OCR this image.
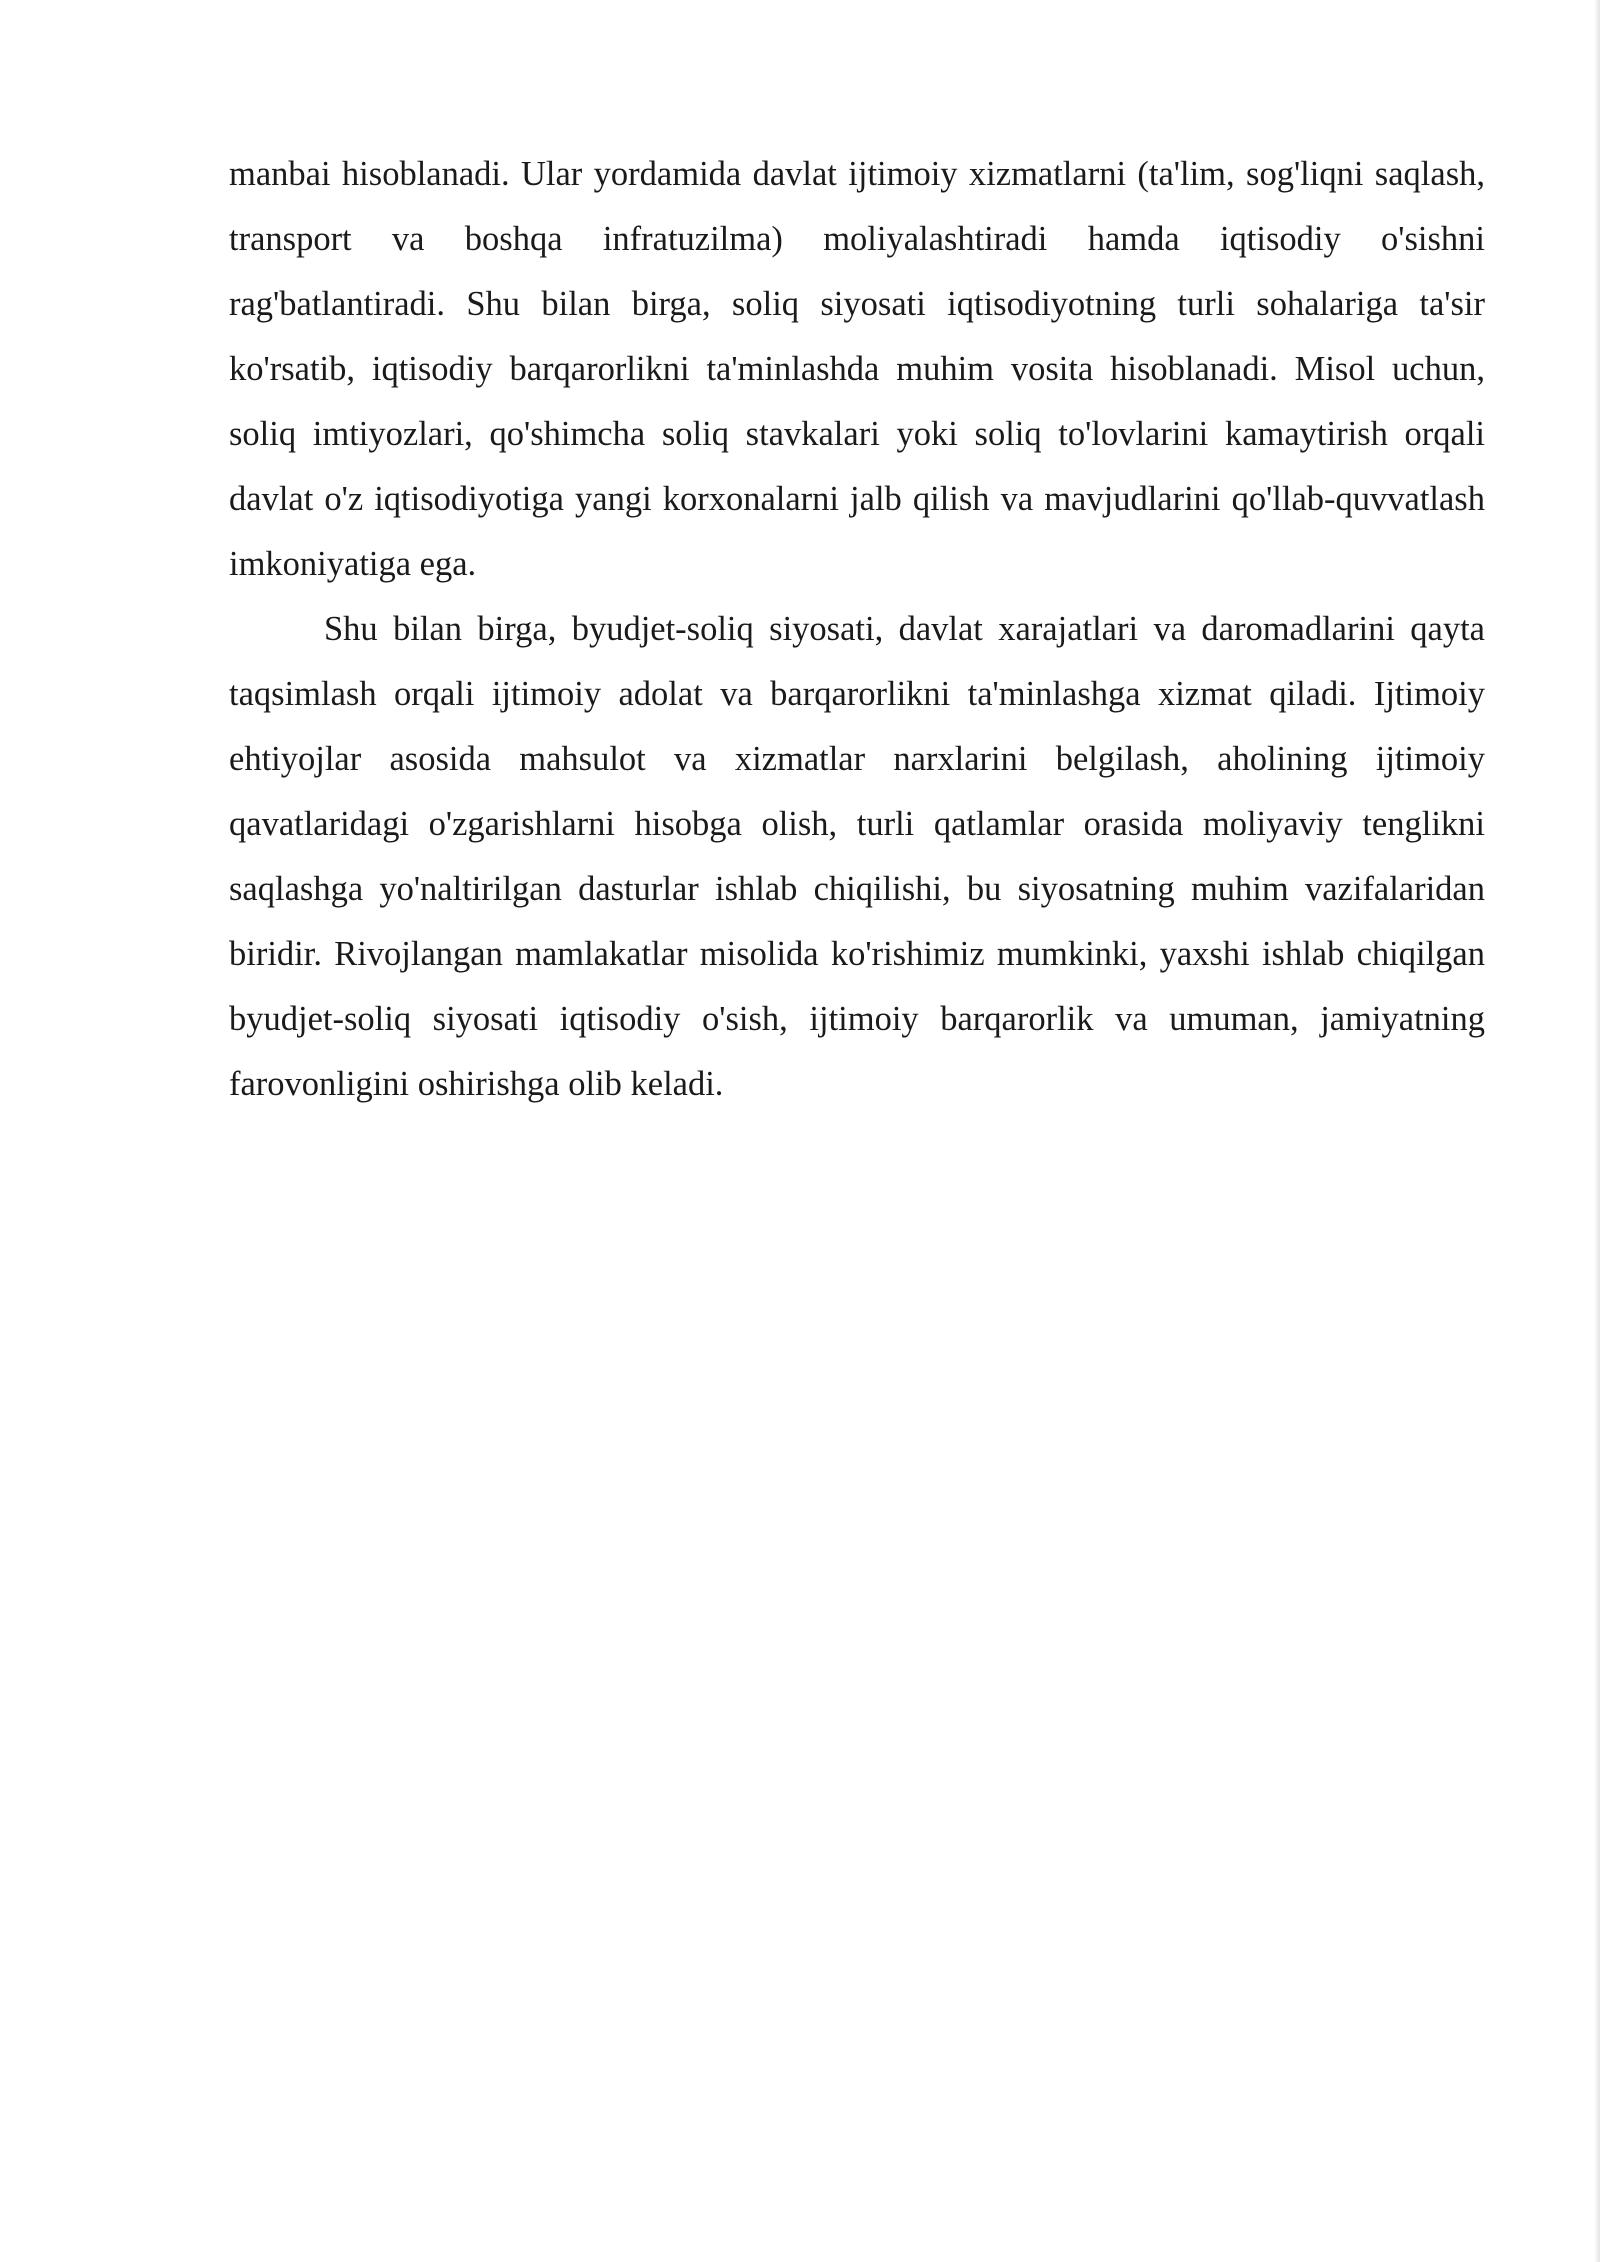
manbai hisoblanadi. Ular yordamida davlat ijtimoiy xizmatlarni (ta'lim, sog'liqni saqlash, transport va boshqa infratuzilma) moliyalashtiradi hamda iqtisodiy o'sishni rag'batlantiradi. Shu bilan birga, soliq siyosati iqtisodiyotning turli sohalariga ta'sir ko'rsatib, iqtisodiy barqarorlikni ta'minlashda muhim vosita hisoblanadi. Misol uchun, soliq imtiyozlari, qo'shimcha soliq stavkalari yoki soliq to'lovlarini kamaytirish orqali davlat o'z iqtisodiyotiga yangi korxonalarni jalb qilish va mavjudlarini qo'llab-quvvatlash imkoniyatiga ega.

Shu bilan birga, byudjet-soliq siyosati, davlat xarajatlari va daromadlarini qayta taqsimlash orqali ijtimoiy adolat va barqarorlikni ta'minlashga xizmat qiladi. Ijtimoiy ehtiyojlar asosida mahsulot va xizmatlar narxlarini belgilash, aholining ijtimoiy qavatlaridagi o'zgarishlarni hisobga olish, turli qatlamlar orasida moliyaviy tenglikni saqlashga yo'naltirilgan dasturlar ishlab chiqilishi, bu siyosatning muhim vazifalaridan biridir. Rivojlangan mamlakatlar misolida ko'rishimiz mumkinki, yaxshi ishlab chiqilgan byudjet-soliq siyosati iqtisodiy o'sish, ijtimoiy barqarorlik va umuman, jamiyatning farovonligini oshirishga olib keladi.
